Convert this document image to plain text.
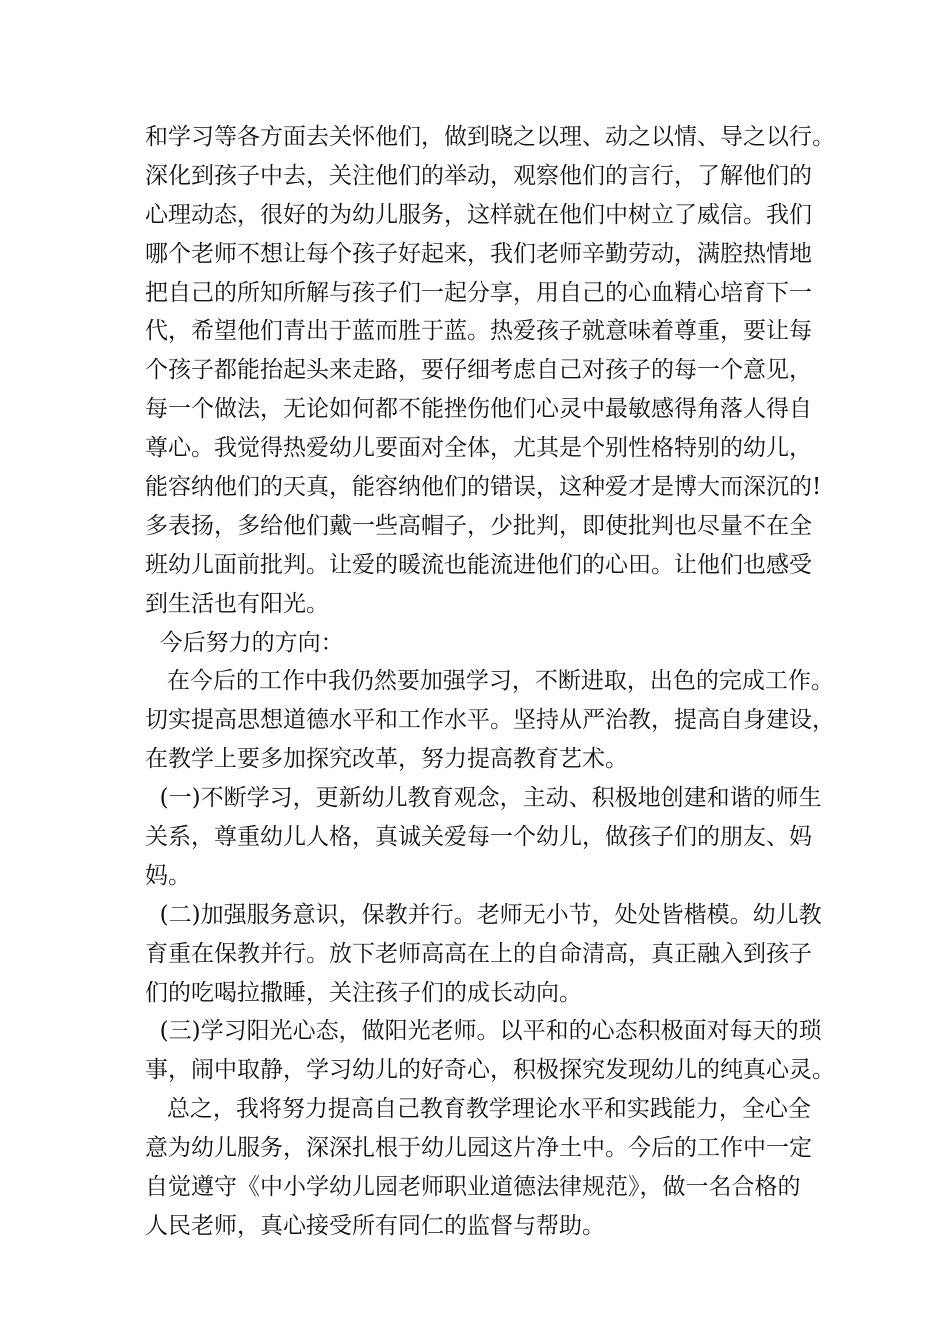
和学习等各方面去关怀他们，做到晓之以理、动之以情、导之以行。
深化到孩子中去，关注他们的举动，观察他们的言行，了解他们的
心理动态，很好的为幼儿服务，这样就在他们中树立了威信。我们
哪个老师不想让每个孩子好起来，我们老师辛勤劳动，满腔热情地
把自己的所知所解与孩子们一起分享，用自己的心血精心培育下一
代，希望他们青出于蓝而胜于蓝。热爱孩子就意味着尊重，要让每
个孩子都能抬起头来走路，要仔细考虑自己对孩子的每一个意见，
每一个做法，无论如何都不能挫伤他们心灵中最敏感得角落人得自
尊心。我觉得热爱幼儿要面对全体，尤其是个别性格特别的幼儿，
能容纳他们的天真，能容纳他们的错误，这种爱才是博大而深沉的!
多表扬，多给他们戴一些高帽子，少批判，即使批判也尽量不在全
班幼儿面前批判。让爱的暖流也能流进他们的心田。让他们也感受
到生活也有阳光。
今后努力的方向：
在今后的工作中我仍然要加强学习，不断进取，出色的完成工作。
切实提高思想道德水平和工作水平。坚持从严治教，提高自身建设，
在教学上要多加探究改革，努力提高教育艺术。
(一)不断学习，更新幼儿教育观念，主动、积极地创建和谐的师生
关系，尊重幼儿人格，真诚关爱每一个幼儿，做孩子们的朋友、妈
妈。
(二)加强服务意识，保教并行。老师无小节，处处皆楷模。幼儿教
育重在保教并行。放下老师高高在上的自命清高，真正融入到孩子
们的吃喝拉撒睡，关注孩子们的成长动向。
(三)学习阳光心态，做阳光老师。以平和的心态积极面对每天的琐
事，闹中取静，学习幼儿的好奇心，积极探究发现幼儿的纯真心灵。
总之，我将努力提高自己教育教学理论水平和实践能力，全心全
意为幼儿服务，深深扎根于幼儿园这片净土中。今后的工作中一定
自觉遵守《中小学幼儿园老师职业道德法律规范》，做一名合格的
人民老师，真心接受所有同仁的监督与帮助。
